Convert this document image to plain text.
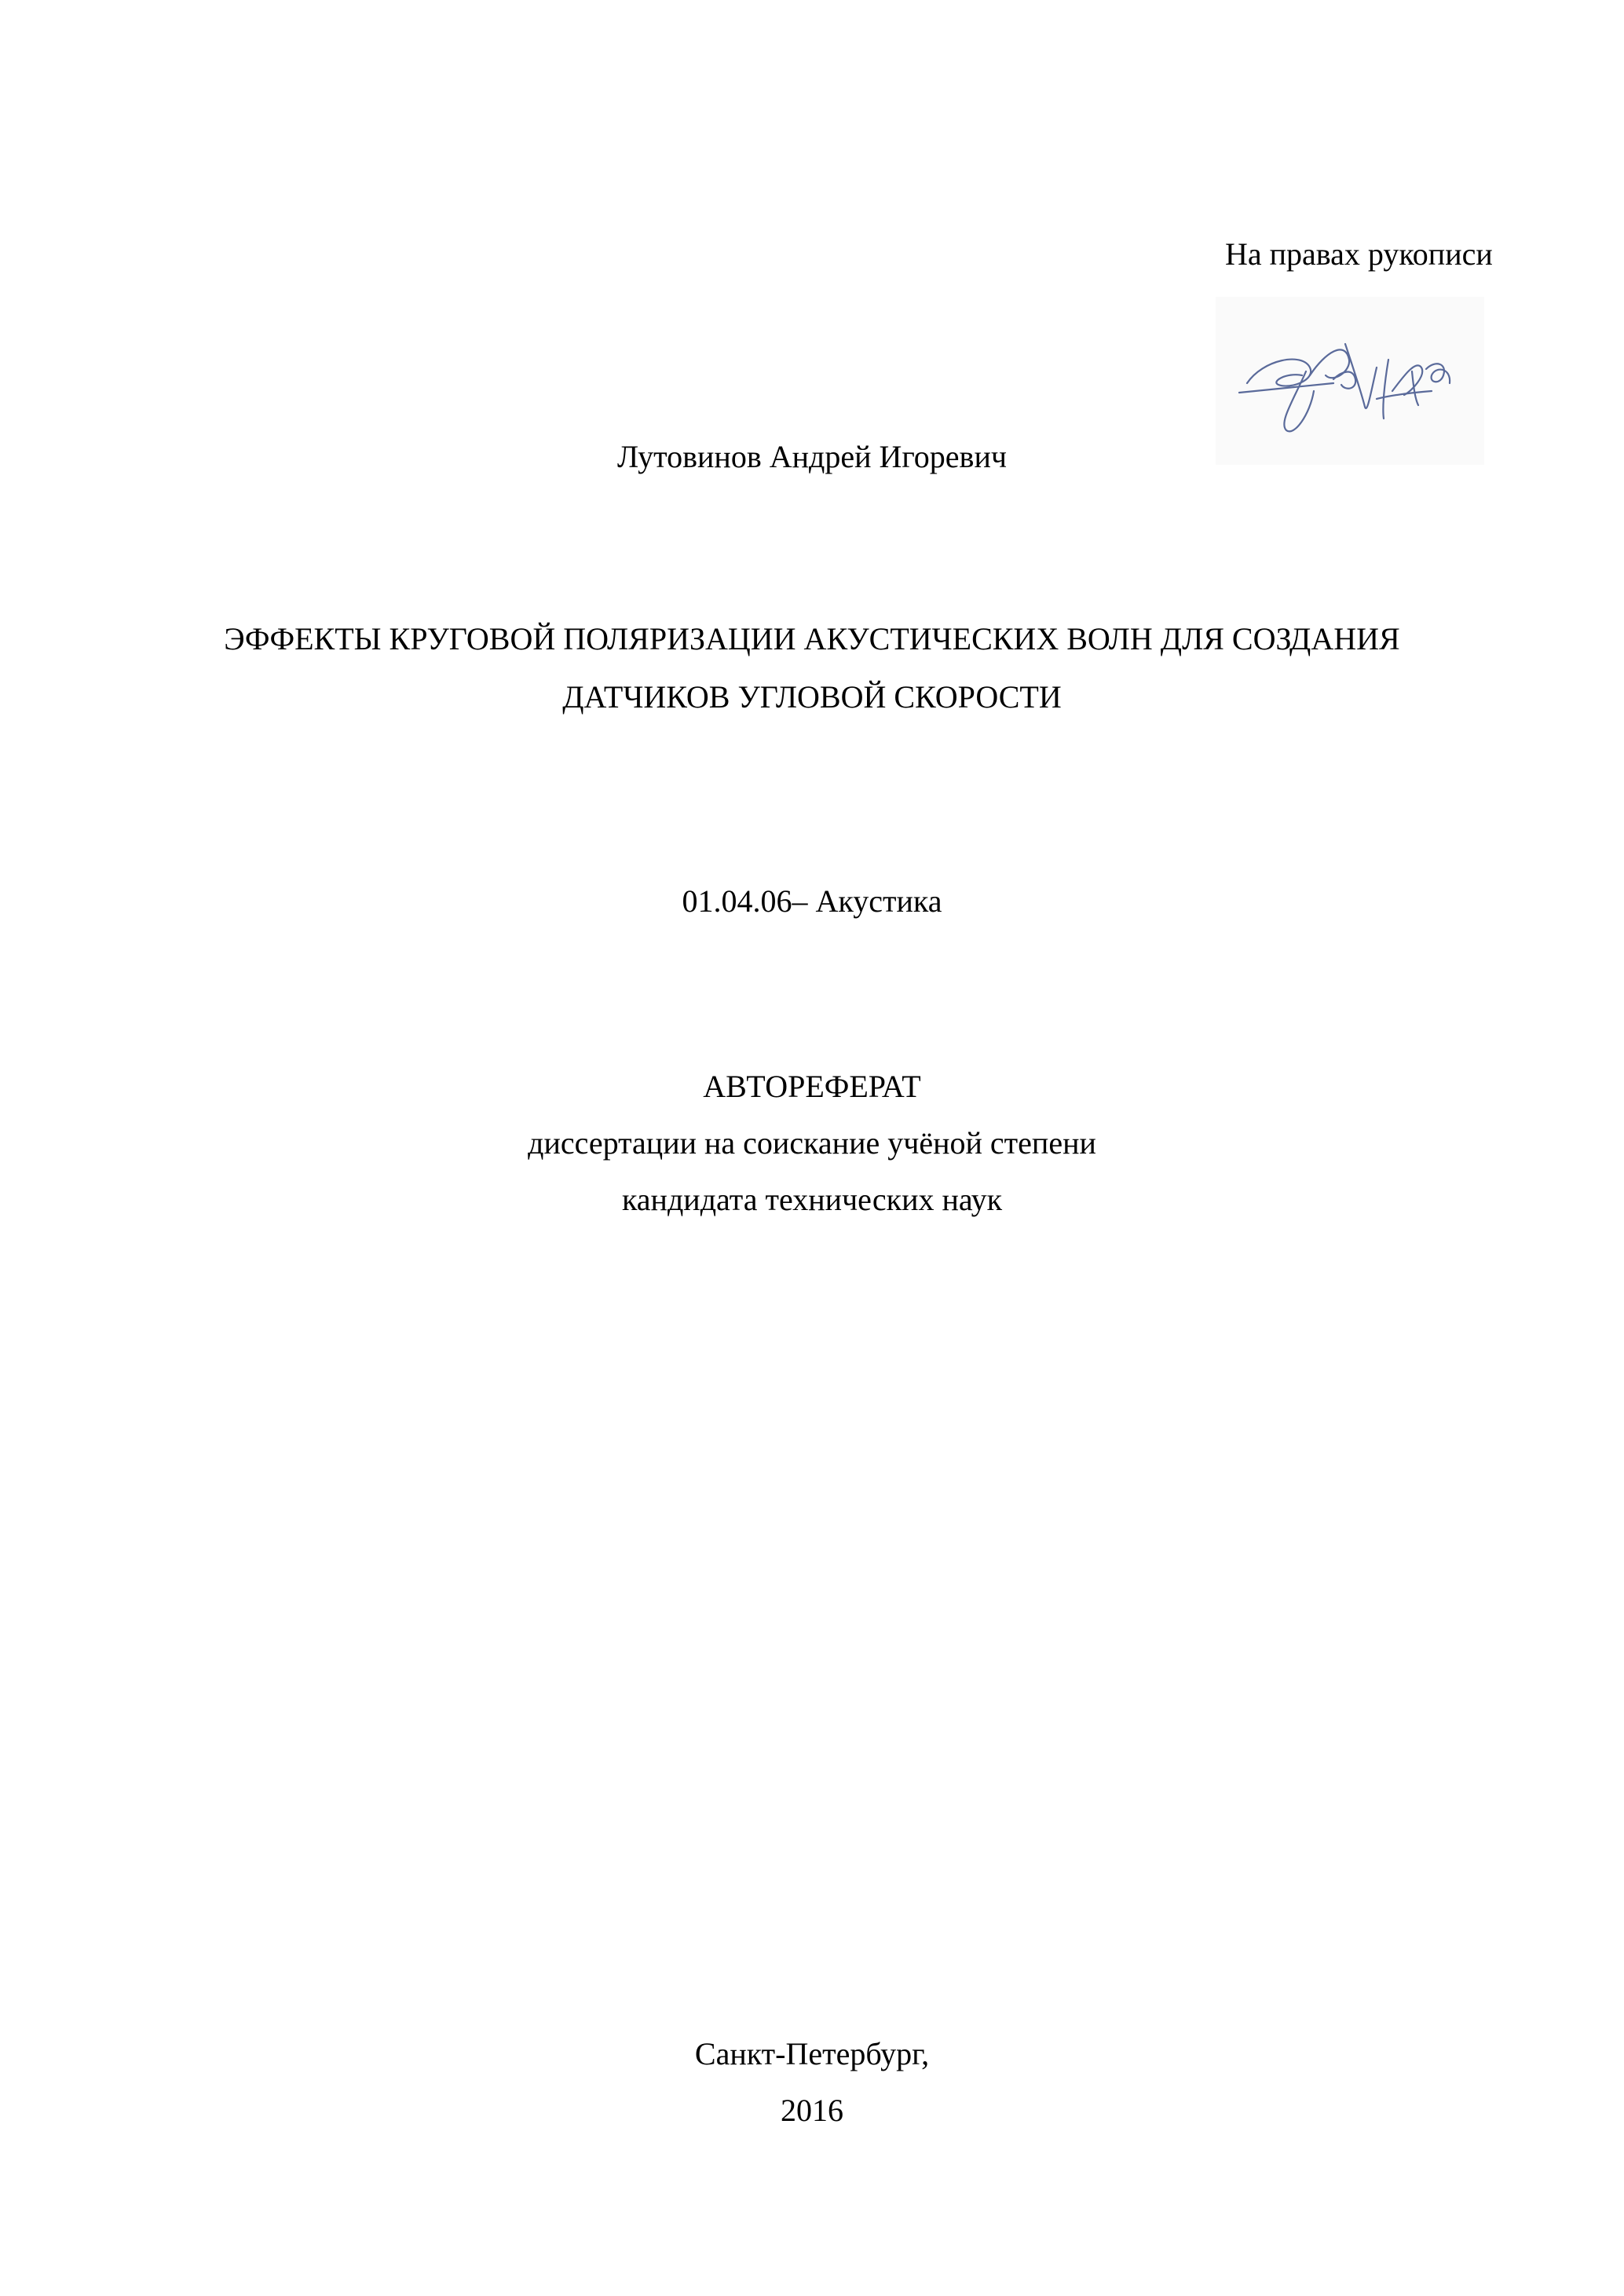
На правах рукописи
Лутовинов Андрей Игоревич
ЭФФЕКТЫ КРУГОВОЙ ПОЛЯРИЗАЦИИ АКУСТИЧЕСКИХ ВОЛН ДЛЯ СОЗДАНИЯ
ДАТЧИКОВ УГЛОВОЙ СКОРОСТИ
01.04.06– Акустика
АВТОРЕФЕРАТ
диссертации на соискание учёной степени
кандидата технических наук
Санкт-Петербург,
2016
